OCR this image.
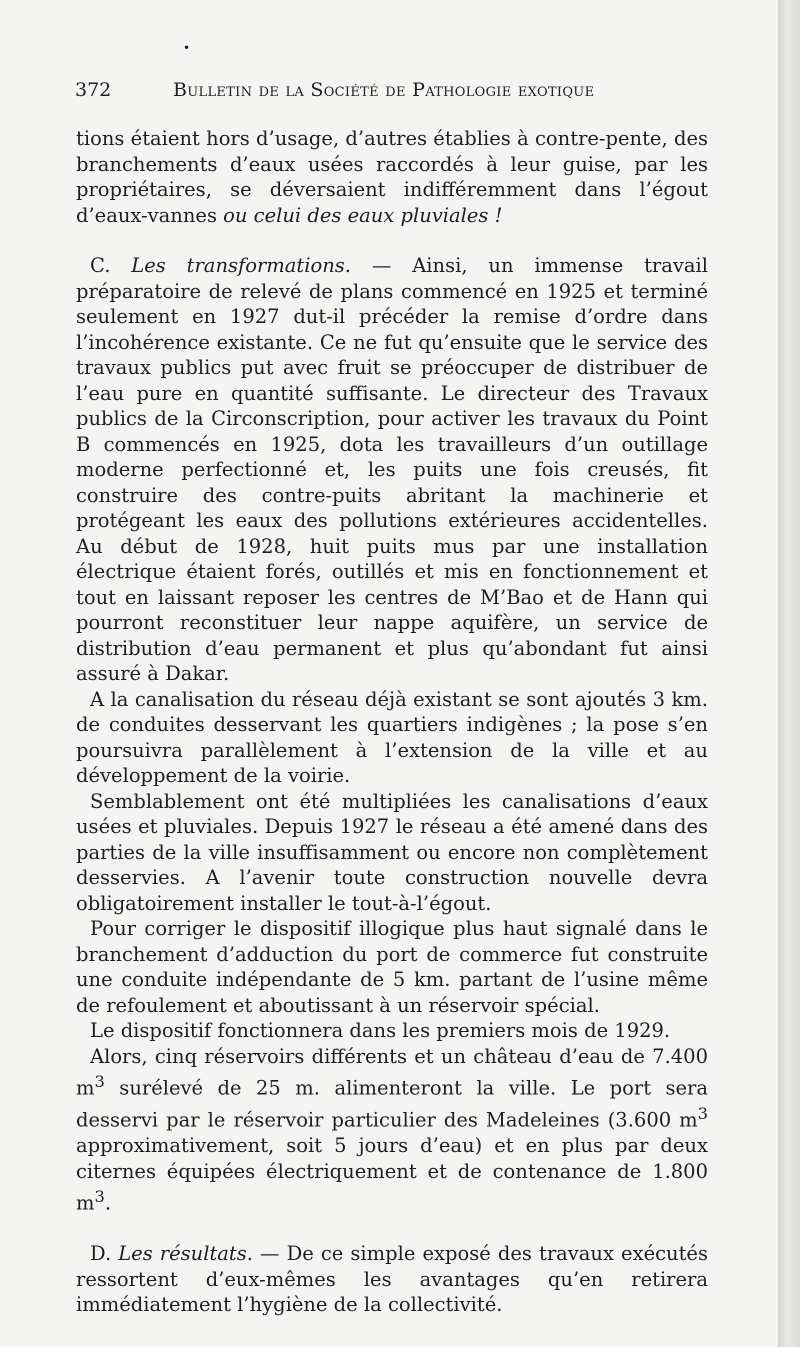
•
372	Bulletin de la Société de Pathologie exotique

tions étaient hors d’usage, d’autres établies à contre-pente, des branchements d’eaux usées raccordés à leur guise, par les propriétaires, se déversaient indifféremment dans l’égout d’eaux-vannes ou celui des eaux pluviales !

C. Les transformations. — Ainsi, un immense travail préparatoire de relevé de plans commencé en 1925 et terminé seulement en 1927 dut-il précéder la remise d’ordre dans l’incohérence existante. Ce ne fut qu’ensuite que le service des travaux publics put avec fruit se préoccuper de distribuer de l’eau pure en quantité suffisante. Le directeur des Travaux publics de la Circonscription, pour activer les travaux du Point B commencés en 1925, dota les travailleurs d’un outillage moderne perfectionné et, les puits une fois creusés, fit construire des contre-puits abritant la machinerie et protégeant les eaux des pollutions extérieures accidentelles. Au début de 1928, huit puits mus par une installation électrique étaient forés, outillés et mis en fonctionnement et tout en laissant reposer les centres de M’Bao et de Hann qui pourront reconstituer leur nappe aquifère, un service de distribution d’eau permanent et plus qu’abondant fut ainsi assuré à Dakar.

A la canalisation du réseau déjà existant se sont ajoutés 3 km. de conduites desservant les quartiers indigènes ; la pose s’en poursuivra parallèlement à l’extension de la ville et au développement de la voirie.

Semblablement ont été multipliées les canalisations d’eaux usées et pluviales. Depuis 1927 le réseau a été amené dans des parties de la ville insuffisamment ou encore non complètement desservies. A l’avenir toute construction nouvelle devra obligatoirement installer le tout-à-l’égout.

Pour corriger le dispositif illogique plus haut signalé dans le branchement d’adduction du port de commerce fut construite une conduite indépendante de 5 km. partant de l’usine même de refoulement et aboutissant à un réservoir spécial.

Le dispositif fonctionnera dans les premiers mois de 1929.

Alors, cinq réservoirs différents et un château d’eau de 7.400 $m^3$ surélevé de 25 m. alimenteront la ville. Le port sera desservi par le réservoir particulier des Madeleines (3.600 $m^3$ approximativement, soit 5 jours d’eau) et en plus par deux citernes équipées électriquement et de contenance de 1.800 $m^3$.

D. Les résultats. — De ce simple exposé des travaux exécutés ressortent d’eux-mêmes les avantages qu’en retirera immédiatement l’hygiène de la collectivité.
